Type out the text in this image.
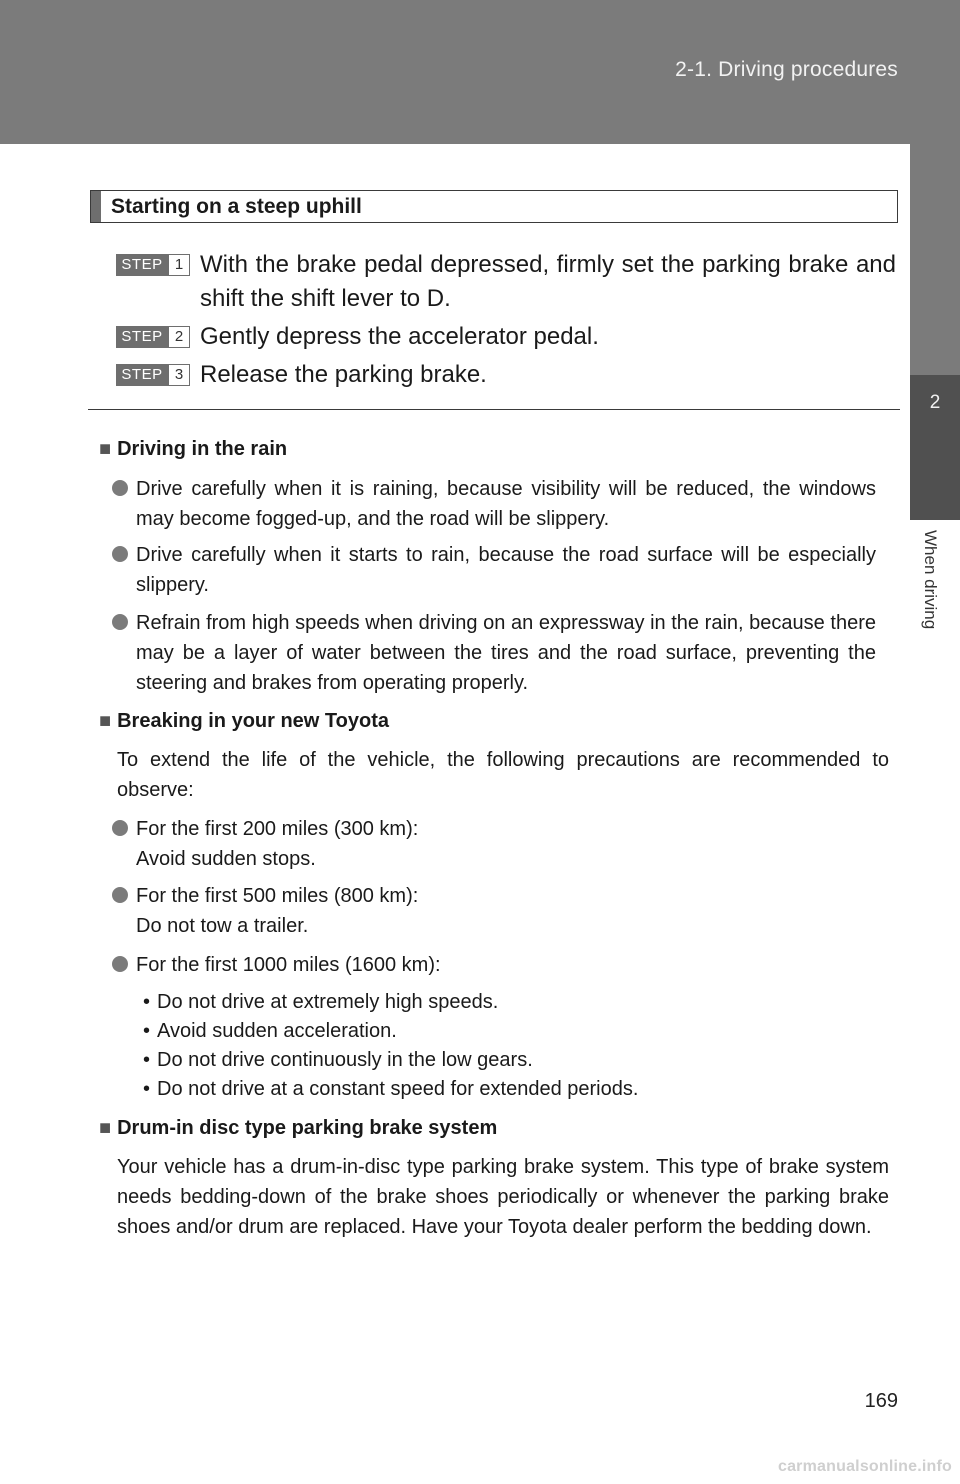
2-1. Driving procedures
2
When driving
Starting on a steep uphill
STEP 1 With the brake pedal depressed, firmly set the parking brake and shift the shift lever to D.
STEP 2 Gently depress the accelerator pedal.
STEP 3 Release the parking brake.
■ Driving in the rain
Drive carefully when it is raining, because visibility will be reduced, the windows may become fogged-up, and the road will be slippery.
Drive carefully when it starts to rain, because the road surface will be especially slippery.
Refrain from high speeds when driving on an expressway in the rain, because there may be a layer of water between the tires and the road surface, preventing the steering and brakes from operating properly.
■ Breaking in your new Toyota
To extend the life of the vehicle, the following precautions are recommended to observe:
For the first 200 miles (300 km):
Avoid sudden stops.
For the first 500 miles (800 km):
Do not tow a trailer.
For the first 1000 miles (1600 km):
• Do not drive at extremely high speeds.
• Avoid sudden acceleration.
• Do not drive continuously in the low gears.
• Do not drive at a constant speed for extended periods.
■ Drum-in disc type parking brake system
Your vehicle has a drum-in-disc type parking brake system. This type of brake system needs bedding-down of the brake shoes periodically or whenever the parking brake shoes and/or drum are replaced. Have your Toyota dealer perform the bedding down.
169
carmanualsonline.info
